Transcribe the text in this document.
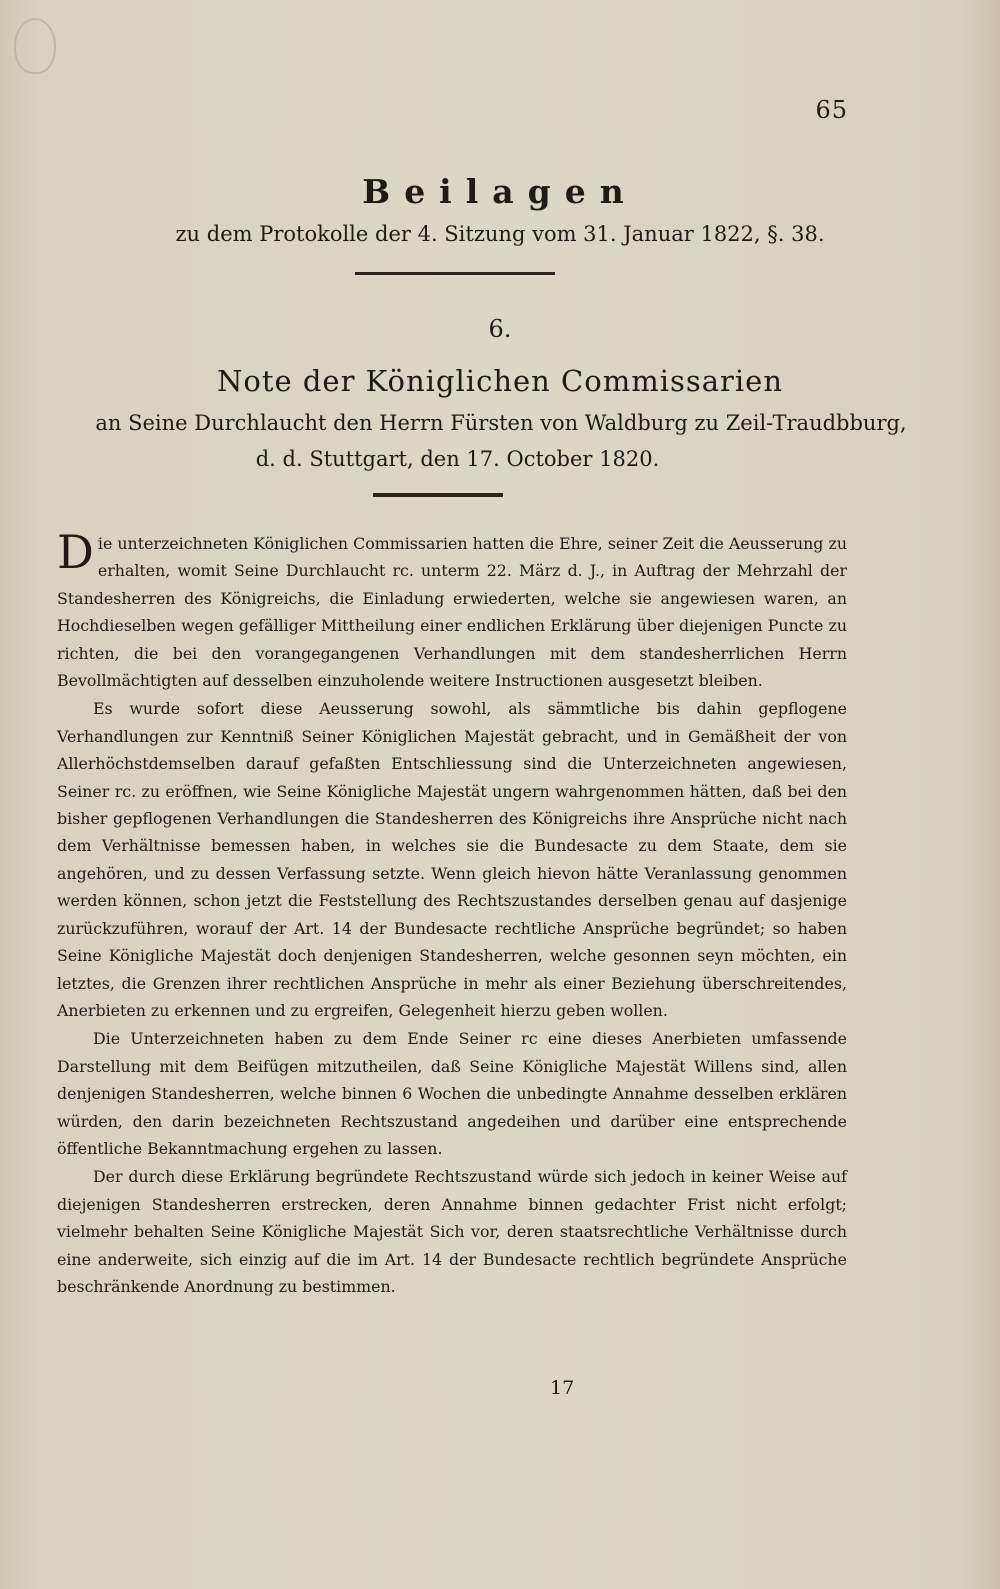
65
Beilagen
zu dem Protokolle der 4. Sitzung vom 31. Januar 1822, §. 38.
6.
Note der Königlichen Commissarien
an Seine Durchlaucht den Herrn Fürsten von Waldburg zu Zeil-Traudbburg,
d. d. Stuttgart, den 17. October 1820.

Die unterzeichneten Königlichen Commissarien hatten die Ehre, seiner Zeit die Aeusserung zu erhalten, womit Seine Durchlaucht rc. unterm 22. März d. J., in Auftrag der Mehrzahl der Standesherren des Königreichs, die Einladung erwiederten, welche sie angewiesen waren, an Hochdieselben wegen gefälliger Mittheilung einer endlichen Erklärung über diejenigen Puncte zu richten, die bei den vorangegangenen Verhandlungen mit dem standesherrlichen Herrn Bevollmächtigten auf desselben einzuholende weitere Instructionen ausgesetzt bleiben.

Es wurde sofort diese Aeusserung sowohl, als sämmtliche bis dahin gepflogene Verhandlungen zur Kenntniß Seiner Königlichen Majestät gebracht, und in Gemäßheit der von Allerhöchstdemselben darauf gefaßten Entschliessung sind die Unterzeichneten angewiesen, Seiner rc. zu eröffnen, wie Seine Königliche Majestät ungern wahrgenommen hätten, daß bei den bisher gepflogenen Verhandlungen die Standesherren des Königreichs ihre Ansprüche nicht nach dem Verhältnisse bemessen haben, in welches sie die Bundesacte zu dem Staate, dem sie angehören, und zu dessen Verfassung setzte. Wenn gleich hievon hätte Veranlassung genommen werden können, schon jetzt die Feststellung des Rechtszustandes derselben genau auf dasjenige zurückzuführen, worauf der Art. 14 der Bundesacte rechtliche Ansprüche begründet; so haben Seine Königliche Majestät doch denjenigen Standesherren, welche gesonnen seyn möchten, ein letztes, die Grenzen ihrer rechtlichen Ansprüche in mehr als einer Beziehung überschreitendes, Anerbieten zu erkennen und zu ergreifen, Gelegenheit hierzu geben wollen.

Die Unterzeichneten haben zu dem Ende Seiner rc eine dieses Anerbieten umfassende Darstellung mit dem Beifügen mitzutheilen, daß Seine Königliche Majestät Willens sind, allen denjenigen Standesherren, welche binnen 6 Wochen die unbedingte Annahme desselben erklären würden, den darin bezeichneten Rechtszustand angedeihen und darüber eine entsprechende öffentliche Bekanntmachung ergehen zu lassen.

Der durch diese Erklärung begründete Rechtszustand würde sich jedoch in keiner Weise auf diejenigen Standesherren erstrecken, deren Annahme binnen gedachter Frist nicht erfolgt; vielmehr behalten Seine Königliche Majestät Sich vor, deren staatsrechtliche Verhältnisse durch eine anderweite, sich einzig auf die im Art. 14 der Bundesacte rechtlich begründete Ansprüche beschränkende Anordnung zu bestimmen.

17
